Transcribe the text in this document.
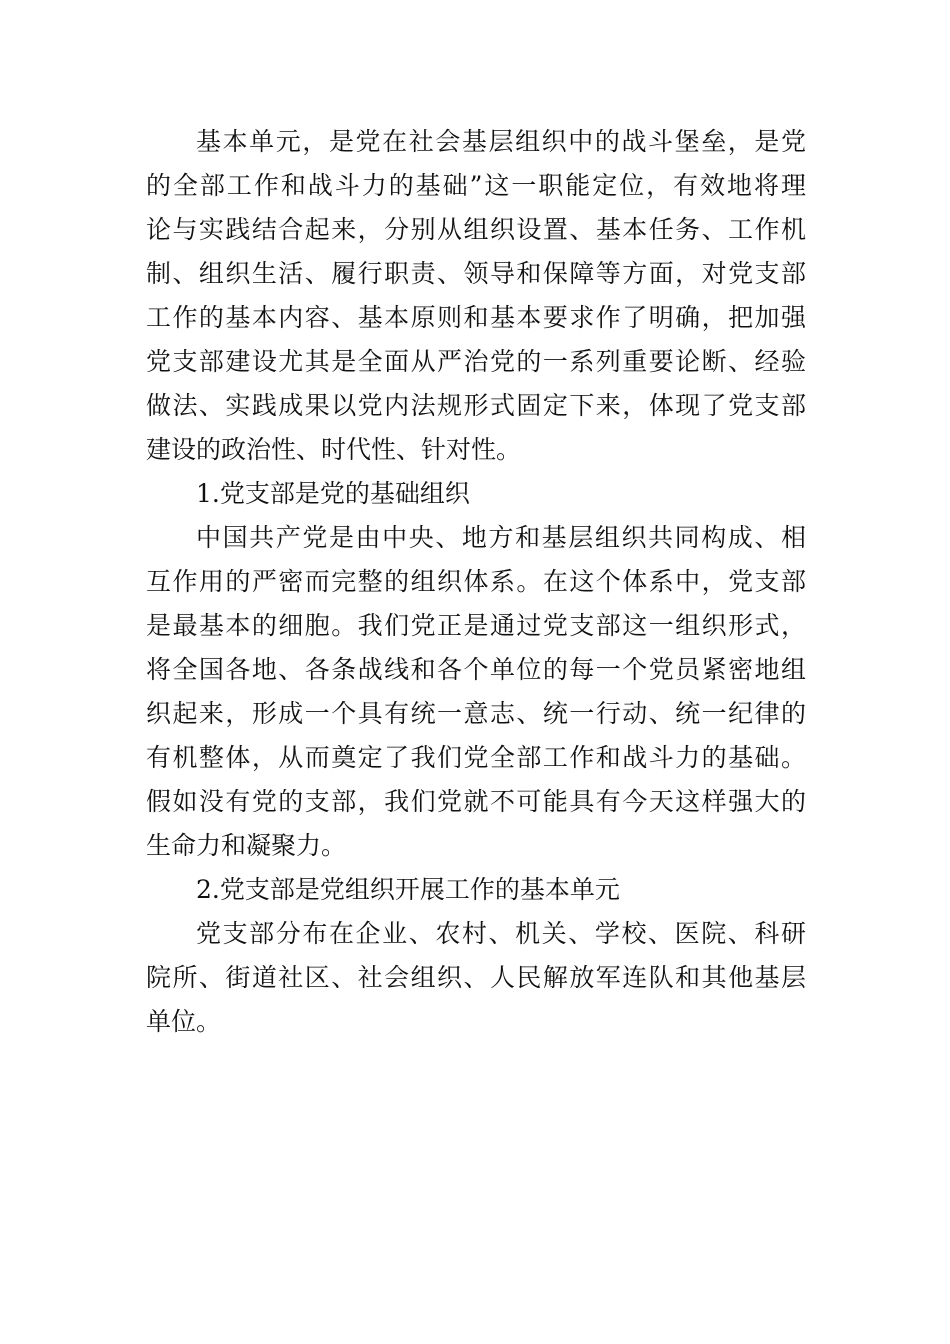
基本单元，是党在社会基层组织中的战斗堡垒，是党
的全部工作和战斗力的基础”这一职能定位，有效地将理
论与实践结合起来，分别从组织设置、基本任务、工作机
制、组织生活、履行职责、领导和保障等方面，对党支部
工作的基本内容、基本原则和基本要求作了明确，把加强
党支部建设尤其是全面从严治党的一系列重要论断、经验
做法、实践成果以党内法规形式固定下来，体现了党支部
建设的政治性、时代性、针对性。
1.党支部是党的基础组织
中国共产党是由中央、地方和基层组织共同构成、相
互作用的严密而完整的组织体系。在这个体系中，党支部
是最基本的细胞。我们党正是通过党支部这一组织形式，
将全国各地、各条战线和各个单位的每一个党员紧密地组
织起来，形成一个具有统一意志、统一行动、统一纪律的
有机整体，从而奠定了我们党全部工作和战斗力的基础。
假如没有党的支部，我们党就不可能具有今天这样强大的
生命力和凝聚力。
2.党支部是党组织开展工作的基本单元
党支部分布在企业、农村、机关、学校、医院、科研
院所、街道社区、社会组织、人民解放军连队和其他基层
单位。
